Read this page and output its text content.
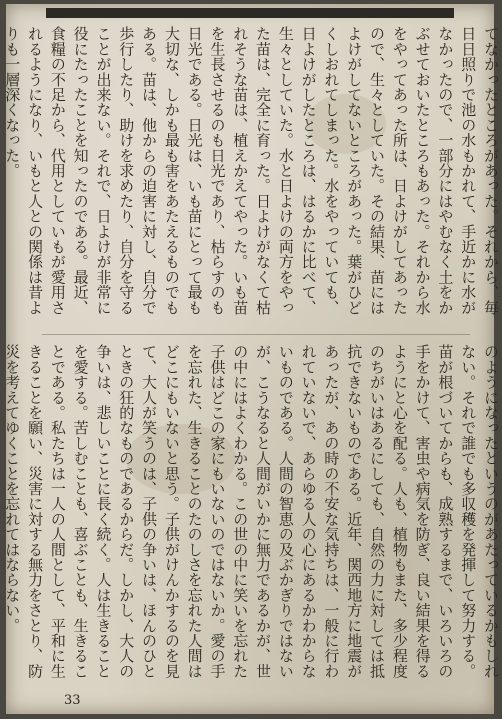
てなかったところがあった。それから、毎日日照りで池の水もかれて、手近かに水がなかったので、一部分にはやむなく土をかぶせておいたところもあった。それから水をやってあった所は、日よけがしてあったので、生々としていた。その結果、苗にはよけがしてないところがあった。葉がひどくしおれてしまった。水をやっていても、日よけがしたところは、はるかに比べて、生々としていた。水と日よけの両方をやった苗は、完全に育った。日よけがなくて枯れそうな苗は、植えかえてやった。いも苗を生長させるのも日光であり、枯らすのも日光である。日光は、いも苗にとって最も大切な、しかも最も害をあたえるものでもある。苗は、他からの迫害に対し、自分で歩行したり、助けを求めたり、自分を守ることが出来ない。それで、日よけが非常に役にたったことを知ったのである。最近、食糧の不足から、代用としていもが愛用されるようになり、いもと人との関係は昔よりも一層深くなった。
のようになったというのがあたっているかもしれない。それで誰でも多収穫を発揮して努力する。苗が根づいてからも、成熟するまで、いろいろの手をかけて、害虫や病気を防ぎ、良い結果を得るようにと心を配る。人も、植物もまた、多少程度のちがいはあるにしても、自然の力に対しては抵抗できないものである。近年、関西地方に地震があったが、あの時の不安な気持ちは、一般に行われていないで、あらゆる人の心にあるかわからないものである。人間の智恵の及ぶかぎりではないが、こうなると人間がいかに無力であるかが、世の中にはよくわかる。この世の中に笑いを忘れた子供はどこの家にもいないのではないか。愛の手を忘れた、生きることのたのしさを忘れた人間はどこにもいないと思う。子供がけんかするのを見て、大人が笑うのは、子供の争いは、ほんのひとときの狂的なものであるからだ。しかし、大人の争いは、悲しいことに長く続く。人は生きることを愛する。苦しむことも、喜ぶことも、生きることである。私たちは一人の人間として、平和に生きることを願い、災害に対する無力をさとり、防災を考えてゆくことを忘れてはならない。
33
